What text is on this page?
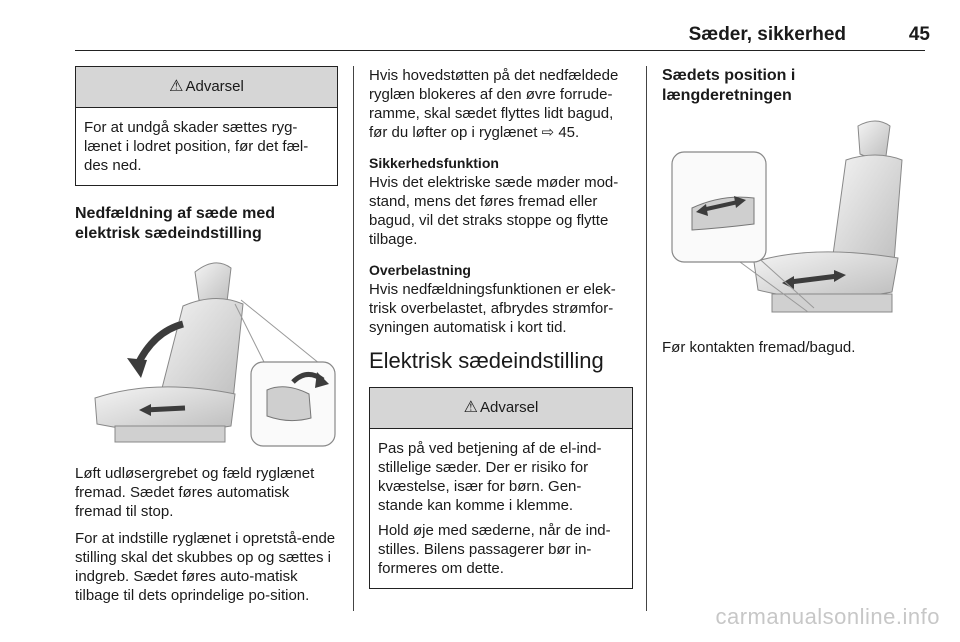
Sæder, sikkerhed	45
⚠ Advarsel

For at undgå skader sættes ryg-lænet i lodret position, før det fæl-des ned.

Nedfældning af sæde med elektrisk sædeindstilling

Løft udløsergrebet og fæld ryglænet fremad. Sædet føres automatisk fremad til stop.

For at indstille ryglænet i opretstå-ende stilling skal det skubbes op og sættes i indgreb. Sædet føres auto-matisk tilbage til dets oprindelige po-sition.

Hvis hovedstøtten på det nedfældede ryglæn blokeres af den øvre forrude-ramme, skal sædet flyttes lidt bagud, før du løfter op i ryglænet ⇨ 45.

Sikkerhedsfunktion

Hvis det elektriske sæde møder mod-stand, mens det føres fremad eller bagud, vil det straks stoppe og flytte tilbage.

Overbelastning

Hvis nedfældningsfunktionen er elek-trisk overbelastet, afbrydes strømfor-syningen automatisk i kort tid.

Elektrisk sædeindstilling
⚠ Advarsel

Pas på ved betjening af de el-ind-stillelige sæder. Der er risiko for kvæstelse, især for børn. Gen-stande kan komme i klemme.

Hold øje med sæderne, når de ind-stilles. Bilens passagerer bør in-formeres om dette.

Sædets position i længderetningen

Før kontakten fremad/bagud.

carmanualsonline.info
